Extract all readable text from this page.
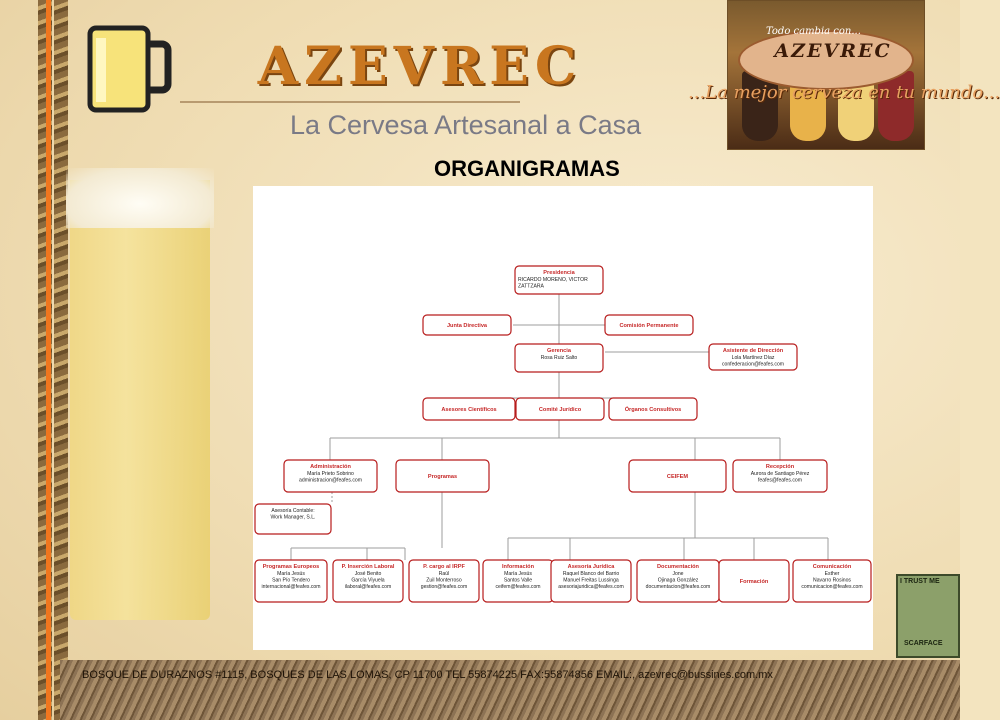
AZEVREC
La Cervesa Artesanal a Casa
Todo cambia con...
AZEVREC
...La mejor cerveza en tu mundo...
ORGANIGRAMAS
Presidencia
RICARDO MORENO, VICTOR
ZATTZARA
Junta Directiva	Comisión Permanente
Gerencia
Rosa Ruiz Salto
Asistente de Dirección
Lola Martínez Díaz
confederacion@feafes.com
Asesores Científicos	Comité Jurídico	Órganos Consultivos
Administración
María Prieto Sobrino
administracion@feafes.com
Programas	CEIFEM
Recepción
Aurora de Santiago Pérez
feafes@feafes.com
Asesoría Contable:
Work Manager, S.L.
Programas Europeos
María Jesús
San Pío Tendero
internacional@feafes.com
P. Inserción Laboral
José Benito
García Viyuela
ilaboral@feafes.com
P. cargo al IRPF
Raúl
Zuil Monterroso
gestion@feafes.com
Información
María Jesús
Santos Valle
ceifem@feafes.com
Asesoría Jurídica
Raquel Blanco del Barrio
Manuel Freitas Lussinga
asesoriajuridica@feafes.com
Documentación
Jone
Ojinaga González
documentacion@feafes.com
Formación
Comunicación
Esther
Navarro Rosinos
comunicacion@feafes.com
BOSQUE DE DURAZNOS #1115, BOSQUES DE LAS LOMAS, CP 11700 TEL 55874225 FAX:55874856 EMAIL:, azevrec@bussines.com.mx
I TRUST ME
SCARFACE
